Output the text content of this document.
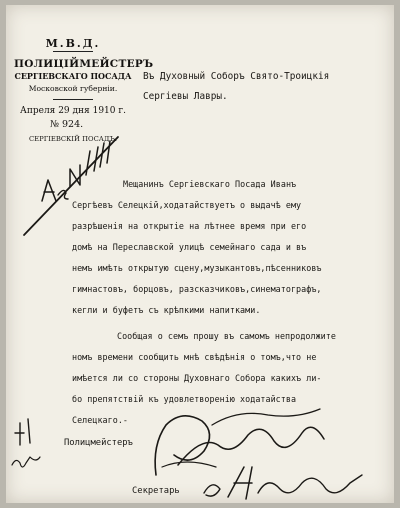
М.В.Д.
ПОЛИЦІЙМЕЙСТЕРЪ
СЕРГІЕВСКАГО ПОСАДА
Московской губерніи.
Апреля 29 дня 1910 г.
№ 924.
СЕРГІЕВСКІЙ ПОСАДЪ.
Въ Духовный Соборъ Свято-Троицкія
Сергіевы Лавры.
Мещанинъ Сергіевскаго Посада Иванъ
Сергѣевъ Селецкій,ходатайствуетъ о выдачѣ ему
разрѣшенія на открытіе на лѣтнее время при его
домѣ на Переславской улицѣ семейнаго сада и въ
немъ имѣть открытую сцену,музыкантовъ,пѣсенниковъ
гимнастовъ, борцовъ, разсказчиковъ,синематографъ,
кегли и буфетъ съ крѣпкими напитками.
Сообщая о семъ прошу въ самомъ непродолжите
номъ времени сообщить мнѣ свѣдѣнія о томъ,что не
имѣется ли со стороны Духовнаго Собора какихъ ли-
бо препятствій къ удовлетворенію ходатайства
Селецкаго.-
Полицмейстеръ
Секретарь
